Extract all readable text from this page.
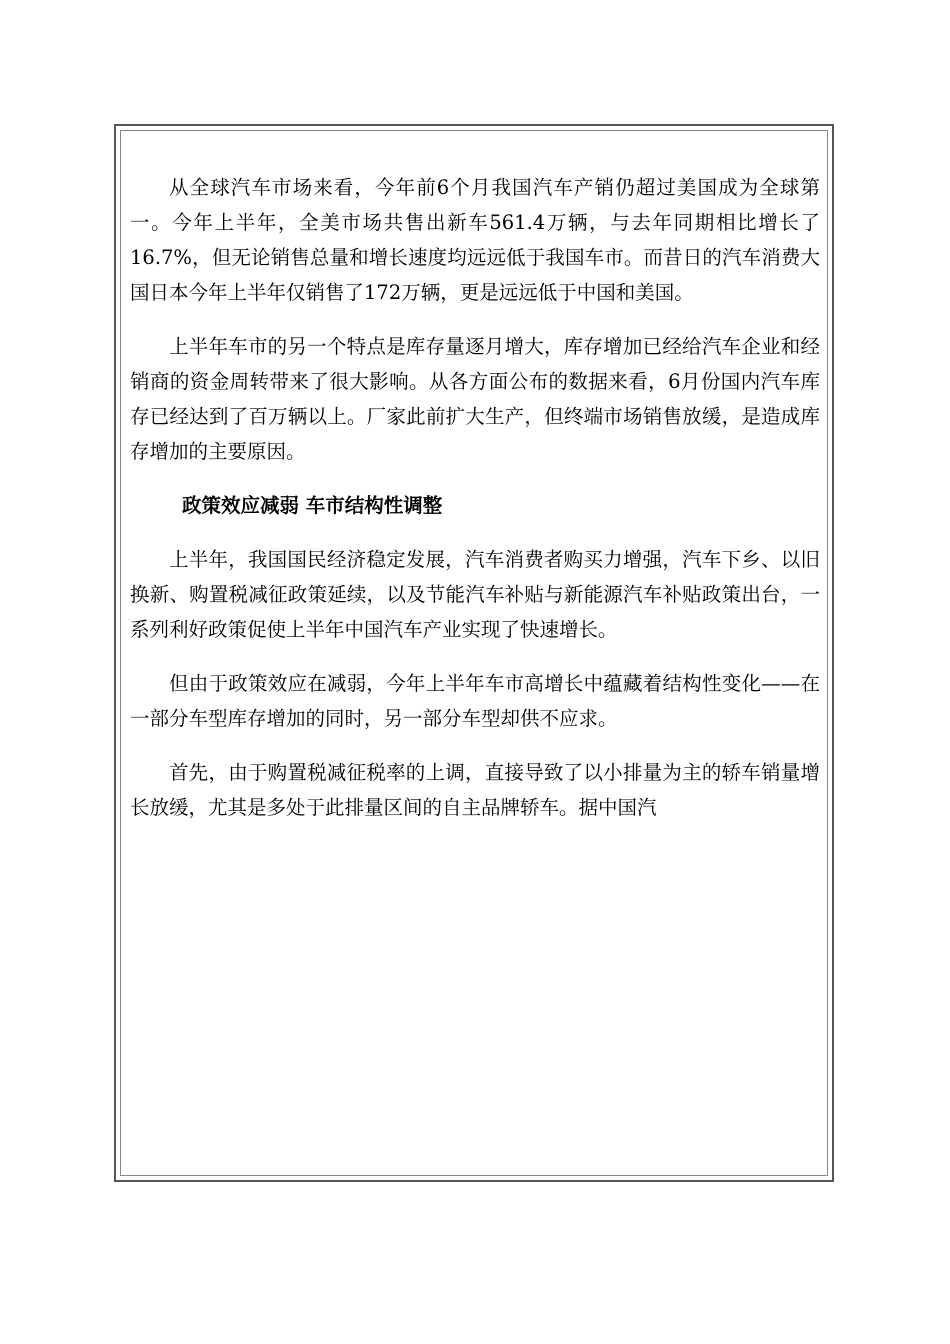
从全球汽车市场来看，今年前6个月我国汽车产销仍超过美国成为全球第一。今年上半年，全美市场共售出新车561.4万辆，与去年同期相比增长了16.7%，但无论销售总量和增长速度均远远低于我国车市。而昔日的汽车消费大国日本今年上半年仅销售了172万辆，更是远远低于中国和美国。

上半年车市的另一个特点是库存量逐月增大，库存增加已经给汽车企业和经销商的资金周转带来了很大影响。从各方面公布的数据来看，6月份国内汽车库存已经达到了百万辆以上。厂家此前扩大生产，但终端市场销售放缓，是造成库存增加的主要原因。

政策效应减弱 车市结构性调整

上半年，我国国民经济稳定发展，汽车消费者购买力增强，汽车下乡、以旧换新、购置税减征政策延续，以及节能汽车补贴与新能源汽车补贴政策出台，一系列利好政策促使上半年中国汽车产业实现了快速增长。

但由于政策效应在减弱，今年上半年车市高增长中蕴藏着结构性变化——在一部分车型库存增加的同时，另一部分车型却供不应求。

首先，由于购置税减征税率的上调，直接导致了以小排量为主的轿车销量增长放缓，尤其是多处于此排量区间的自主品牌轿车。据中国汽
